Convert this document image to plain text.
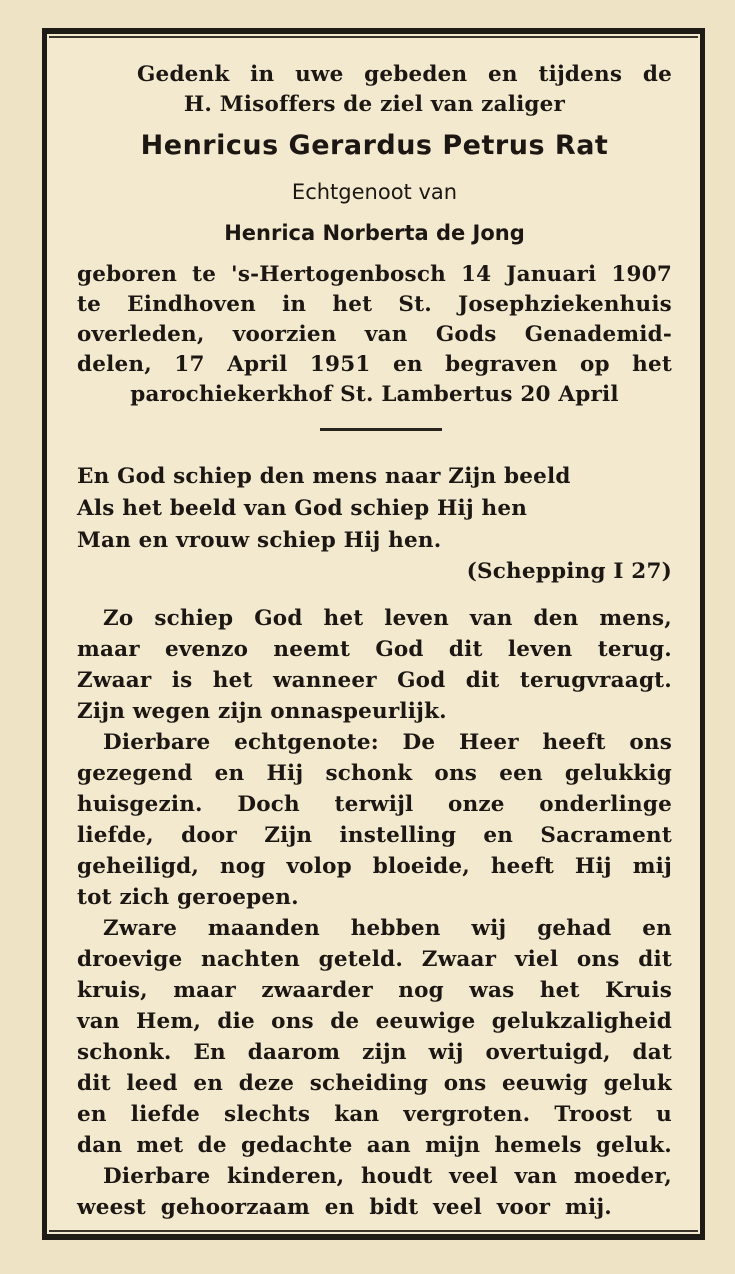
Gedenk in uwe gebeden en tijdens de
H. Misoffers de ziel van zaliger
Henricus Gerardus Petrus Rat
Echtgenoot van
Henrica Norberta de Jong
geboren te 's-Hertogenbosch 14 Januari 1907
te Eindhoven in het St. Josephziekenhuis
overleden, voorzien van Gods Genademid-
delen, 17 April 1951 en begraven op het
parochiekerkhof St. Lambertus 20 April
En God schiep den mens naar Zijn beeld
Als het beeld van God schiep Hij hen
Man en vrouw schiep Hij hen.
(Schepping I 27)
Zo schiep God het leven van den mens,
maar evenzo neemt God dit leven terug.
Zwaar is het wanneer God dit terugvraagt.
Zijn wegen zijn onnaspeurlijk.
Dierbare echtgenote: De Heer heeft ons
gezegend en Hij schonk ons een gelukkig
huisgezin. Doch terwijl onze onderlinge
liefde, door Zijn instelling en Sacrament
geheiligd, nog volop bloeide, heeft Hij mij
tot zich geroepen.
Zware maanden hebben wij gehad en
droevige nachten geteld. Zwaar viel ons dit
kruis, maar zwaarder nog was het Kruis
van Hem, die ons de eeuwige gelukzaligheid
schonk. En daarom zijn wij overtuigd, dat
dit leed en deze scheiding ons eeuwig geluk
en liefde slechts kan vergroten. Troost u
dan met de gedachte aan mijn hemels geluk.
Dierbare kinderen, houdt veel van moeder,
weest gehoorzaam en bidt veel voor mij.
